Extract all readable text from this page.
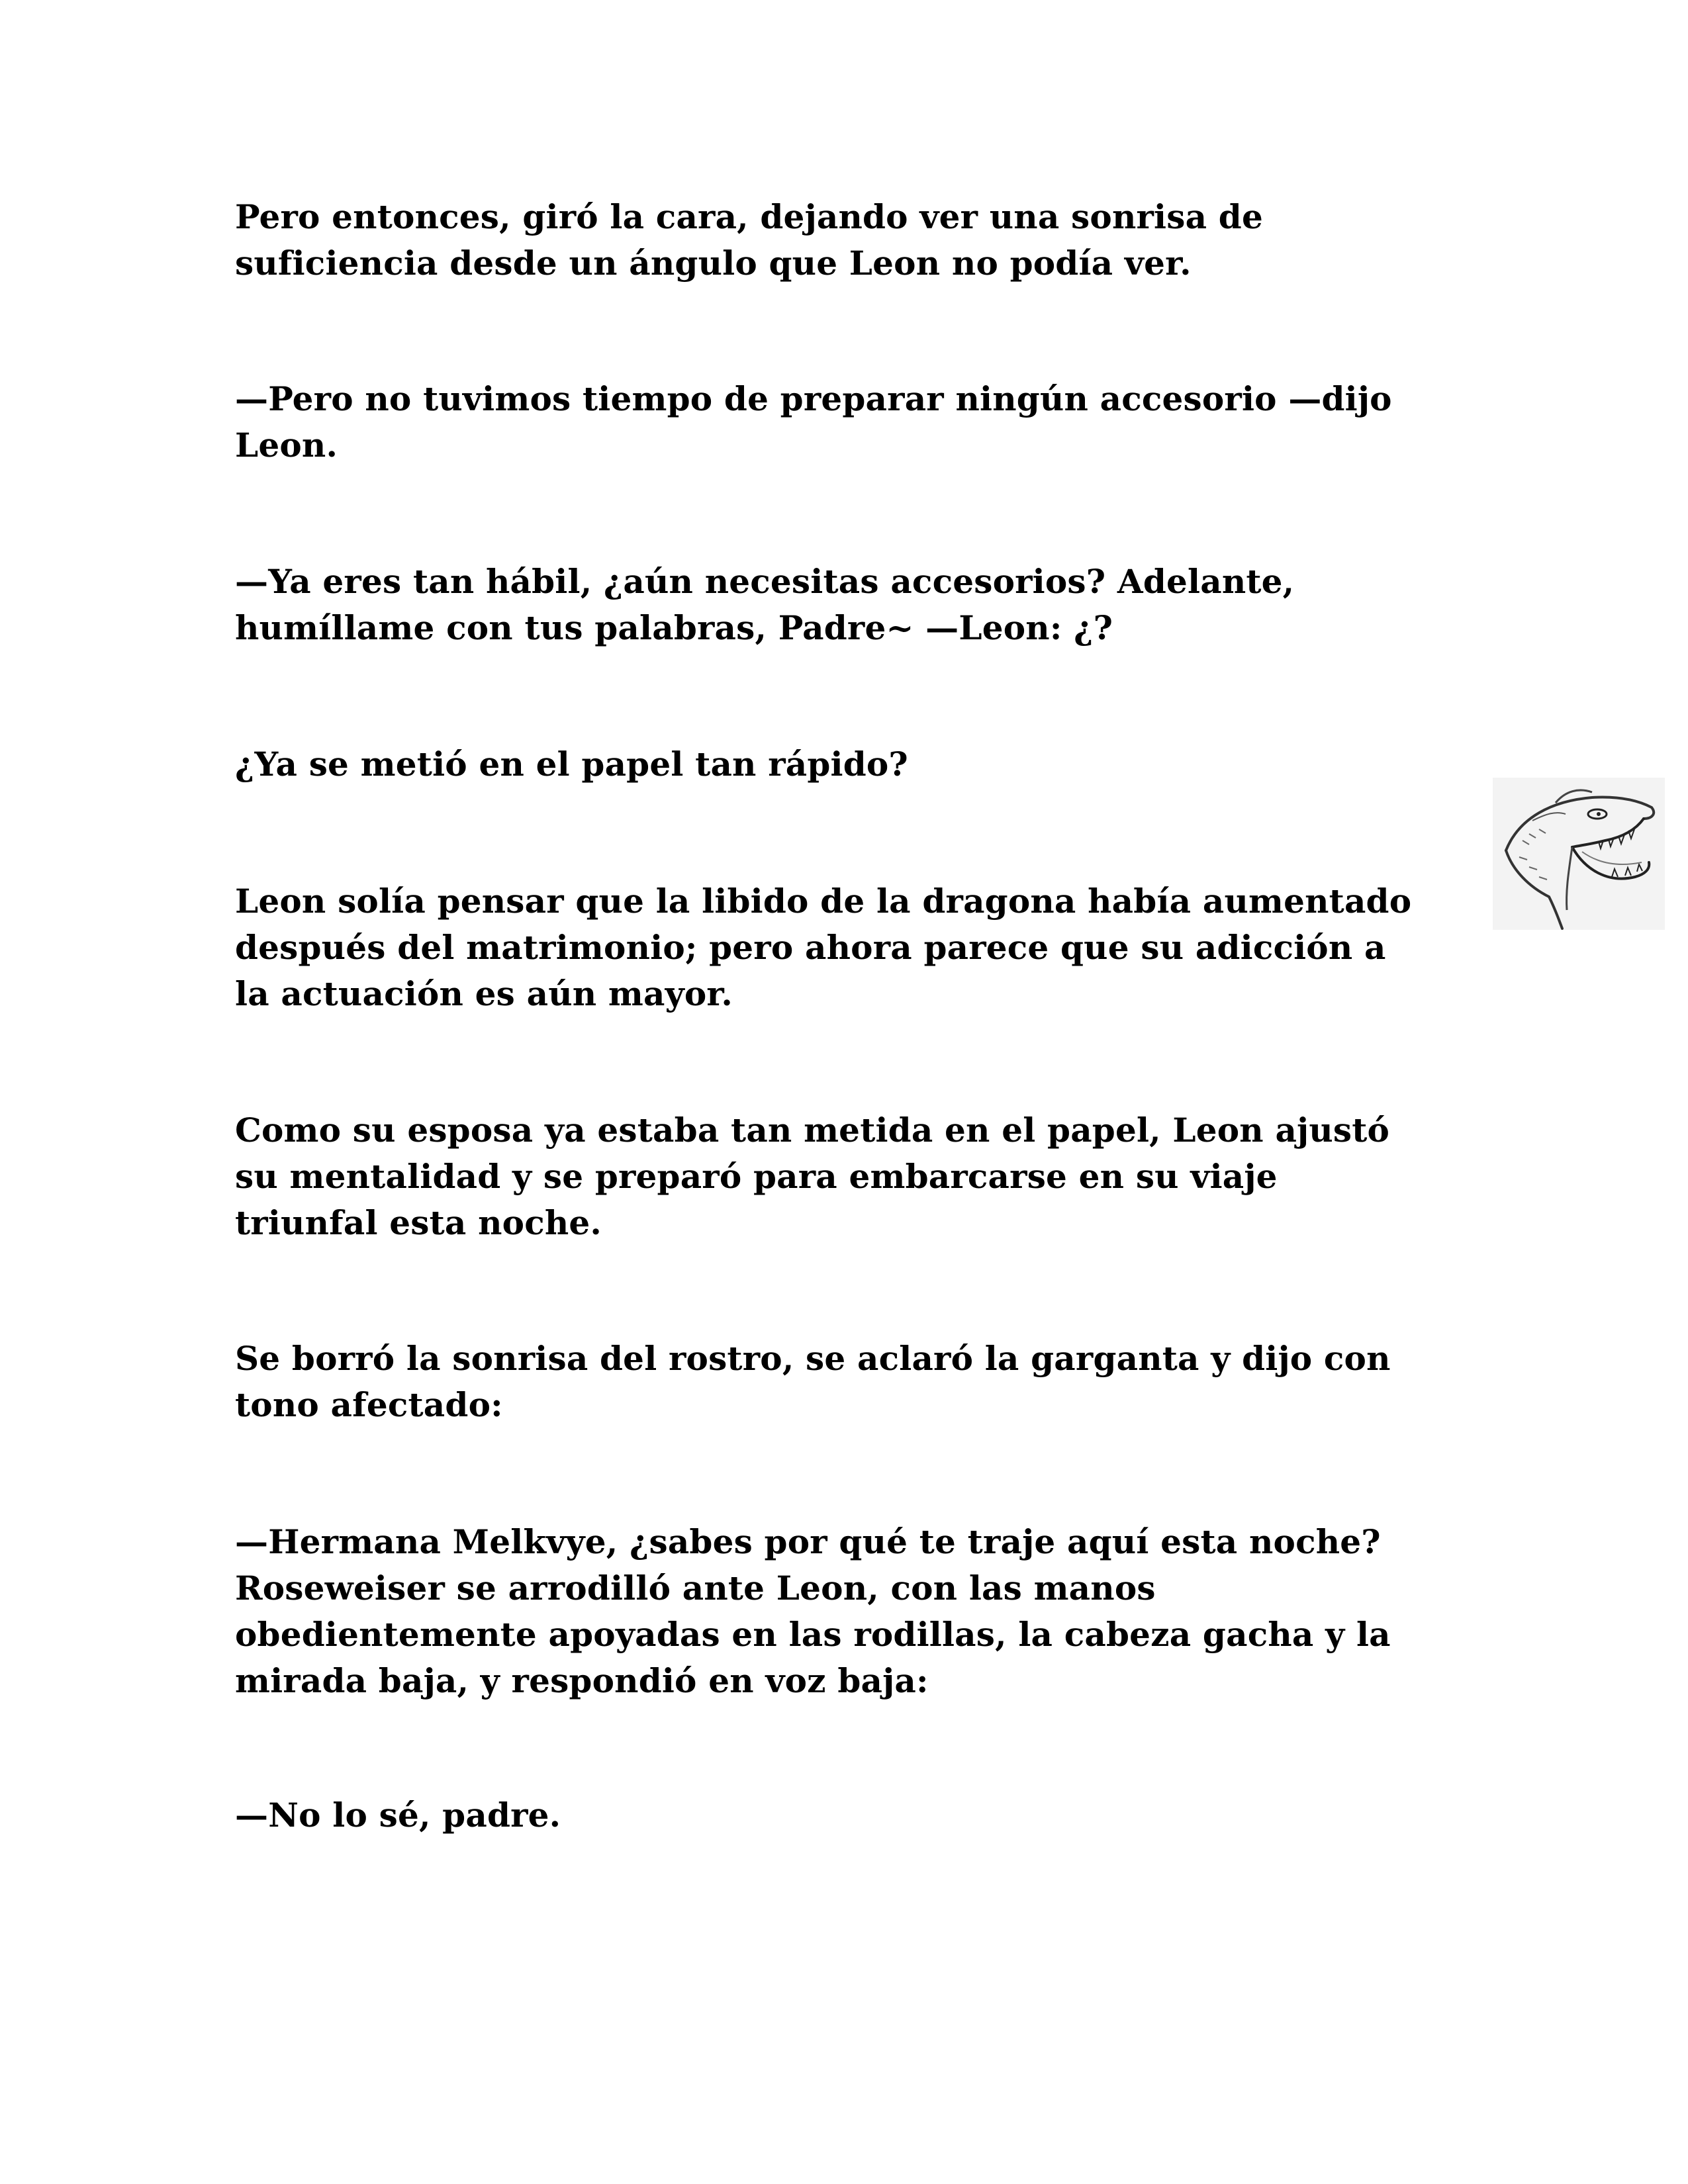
Pero entonces, giró la cara, dejando ver una sonrisa de
suficiencia desde un ángulo que Leon no podía ver.

—Pero no tuvimos tiempo de preparar ningún accesorio —dijo
Leon.

—Ya eres tan hábil, ¿aún necesitas accesorios? Adelante,
humíllame con tus palabras, Padre~ —Leon: ¿?

¿Ya se metió en el papel tan rápido?

Leon solía pensar que la libido de la dragona había aumentado
después del matrimonio; pero ahora parece que su adicción a
la actuación es aún mayor.

Como su esposa ya estaba tan metida en el papel, Leon ajustó
su mentalidad y se preparó para embarcarse en su viaje
triunfal esta noche.

Se borró la sonrisa del rostro, se aclaró la garganta y dijo con
tono afectado:

—Hermana Melkvye, ¿sabes por qué te traje aquí esta noche?
Roseweiser se arrodilló ante Leon, con las manos
obedientemente apoyadas en las rodillas, la cabeza gacha y la
mirada baja, y respondió en voz baja:

—No lo sé, padre.
